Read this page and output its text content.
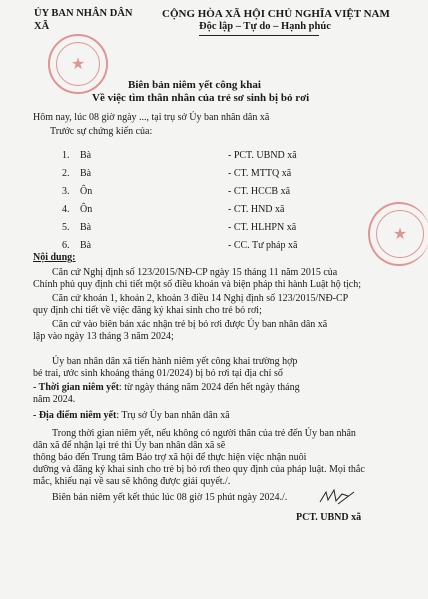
ỦY BAN NHÂN DÂN
XÃ
★
CỘNG HÒA XÃ HỘI CHỦ NGHĨA VIỆT NAM
Độc lập – Tự do – Hạnh phúc
Biên bản niêm yết công khai
Về việc tìm thân nhân của trẻ sơ sinh bị bỏ rơi
Hôm nay, lúc 08 giờ ngày ..., tại trụ sở Ủy ban nhân dân xã
Trước sự chứng kiến của:
1. Bà	- PCT. UBND xã
2. Bà	- CT. MTTQ xã
3. Ôn	- CT. HCCB xã
4. Ôn	- CT. HND xã
5. Bà	- CT. HLHPN xã
6. Bà	- CC. Tư pháp xã
★
Nội dung:
Căn cứ Nghị định số 123/2015/NĐ-CP ngày 15 tháng 11 năm 2015 của
Chính phủ quy định chi tiết một số điều khoản và biện pháp thi hành Luật hộ tịch;
Căn cứ khoản 1, khoản 2, khoản 3 điều 14 Nghị định số 123/2015/NĐ-CP
quy định chi tiết về việc đăng ký khai sinh cho trẻ bỏ rơi;
Căn cứ vào biên bản xác nhận trẻ bị bỏ rơi được Ủy ban nhân dân xã
lập vào ngày 13 tháng 3 năm 2024;
Ủy ban nhân dân xã tiến hành niêm yết công khai trường hợp
bé trai, ước sinh khoảng tháng 01/2024) bị bỏ rơi tại địa chỉ số
- Thời gian niêm yết: từ ngày tháng năm 2024 đến hết ngày tháng
năm 2024.
- Địa điểm niêm yết: Trụ sở Ủy ban nhân dân xã
Trong thời gian niêm yết, nếu không có người thân của trẻ đến Ủy ban nhân
dân xã để nhận lại trẻ thì Ủy ban nhân dân xã sẽ
thông báo đến Trung tâm Bảo trợ xã hội để thực hiện việc nhận nuôi
dưỡng và đăng ký khai sinh cho trẻ bị bỏ rơi theo quy định của pháp luật. Mọi thắc
mắc, khiếu nại về sau sẽ không được giải quyết./.
Biên bản niêm yết kết thúc lúc 08 giờ 15 phút ngày 2024./.
PCT. UBND xã
